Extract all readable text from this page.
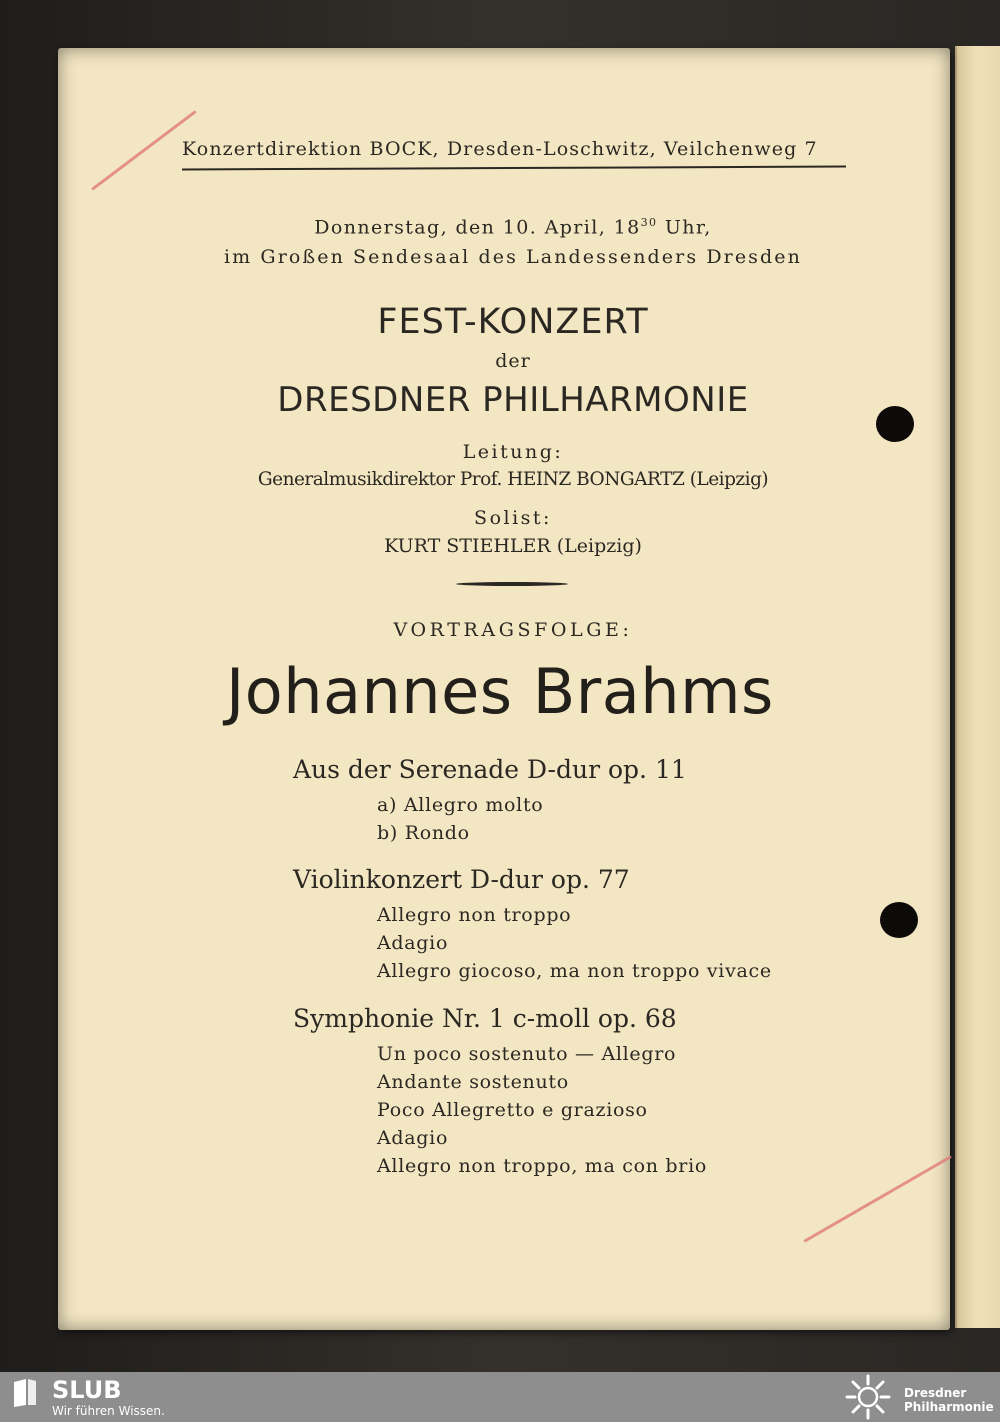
Konzertdirektion BOCK, Dresden-Loschwitz, Veilchenweg 7
Donnerstag, den 10. April, $18^{30}$ Uhr,
im Großen Sendesaal des Landessenders Dresden
FEST-KONZERT
der
DRESDNER PHILHARMONIE
Leitung:
Generalmusikdirektor Prof. HEINZ BONGARTZ (Leipzig)
Solist:
KURT STIEHLER (Leipzig)
VORTRAGSFOLGE:
Johannes Brahms
Aus der Serenade D-dur op. 11
a) Allegro molto
b) Rondo
Violinkonzert D-dur op. 77
Allegro non troppo
Adagio
Allegro giocoso, ma non troppo vivace
Symphonie Nr. 1 c-moll op. 68
Un poco sostenuto — Allegro
Andante sostenuto
Poco Allegretto e grazioso
Adagio
Allegro non troppo, ma con brio
SLUB
Wir führen Wissen.
Dresdner
Philharmonie
